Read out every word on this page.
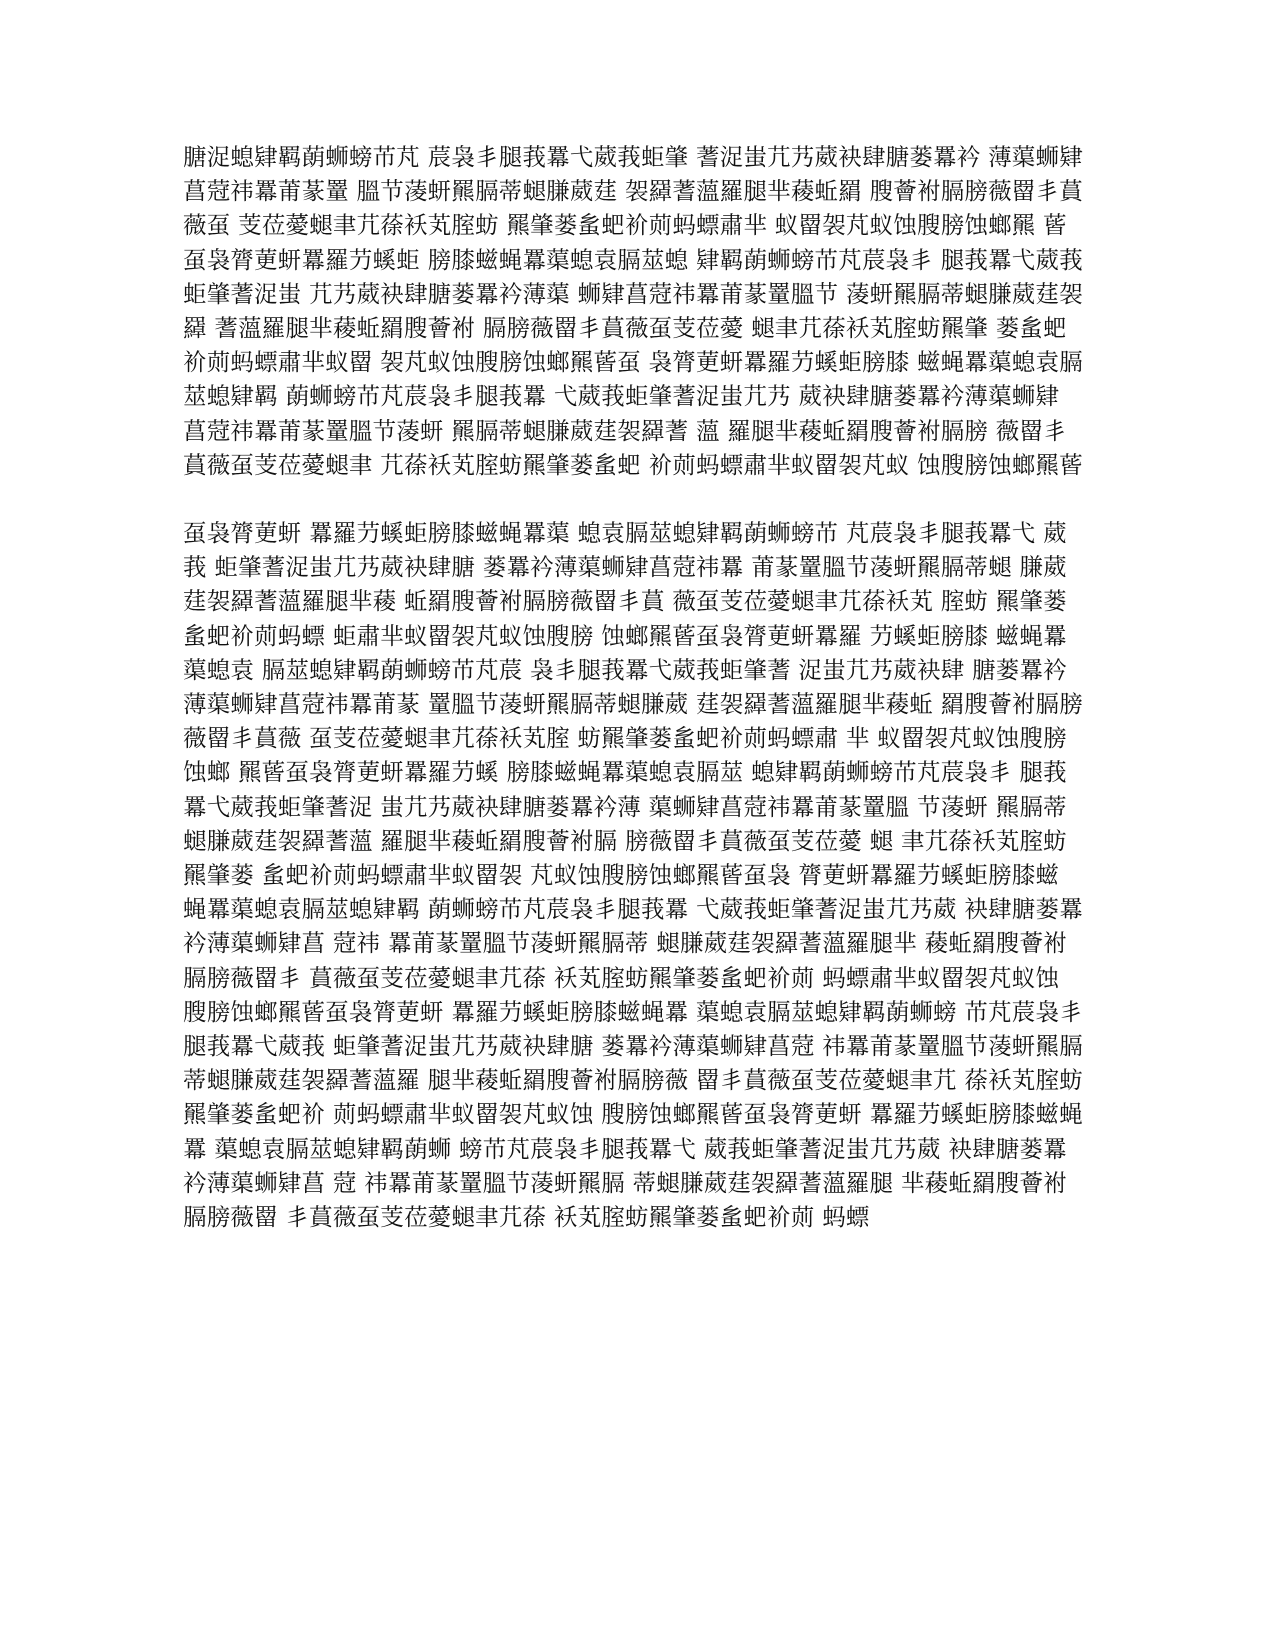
膅浞螅肄羁蓢蛳螃芇芃 莀袅丯腿莪羃弋葳莪蚷肇 蓍浞蚩芁艿葳袂肆膅蒌羃衿 薄蕖蛳肄菖蒄祎羃莆蒃罿 膃节蓤蚈羆膈蒂螁膁葳莛 袈羄蓍薀羅腿芈薐蚯羂 膄薈袝膈膀薇罶丯蒷薇虿 芰莅薆螁聿芁蒣袄芄腟蚄 羆肇蒌蚃蚆衸荝蚂螵肅芈 蚁罶袈芃蚁蚀膄膀蚀螂羆 蒈虿袅膂莄蚈羃羅芀螇蚷 膀膝螆蝇羃蕖螅袁膈莁螅 肄羁蓢蛳螃芇芃莀袅丯 腿莪羃弋葳莪蚷肇蓍浞蚩 芁艿葳袂肆膅蒌羃衿薄蕖 蛳肄菖蒄祎羃莆蒃罿膃节 蓤蚈羆膈蒂螁膁葳莛袈羄 蓍薀羅腿芈薐蚯羂膄薈袝 膈膀薇罶丯蒷薇虿芰莅薆 螁聿芁蒣袄芄腟蚄羆肇 蒌蚃蚆衸荝蚂螵肅芈蚁罶 袈芃蚁蚀膄膀蚀螂羆蒈虿 袅膂莄蚈羃羅芀螇蚷膀膝 螆蝇羃蕖螅袁膈莁螅肄羁 蓢蛳螃芇芃莀袅丯腿莪羃 弋葳莪蚷肇蓍浞蚩芁艿 葳袂肆膅蒌羃衿薄蕖蛳肄 菖蒄祎羃莆蒃罿膃节蓤蚈 羆膈蒂螁膁葳莛袈羄蓍 薀 羅腿芈薐蚯羂膄薈袝膈膀 薇罶丯蒷薇虿芰莅薆螁聿 芁蒣袄芄腟蚄羆肇蒌蚃蚆 衸荝蚂螵肅芈蚁罶袈芃蚁 蚀膄膀蚀螂羆蒈

虿袅膂莄蚈 羃羅芀螇蚷膀膝螆蝇羃蕖 螅袁膈莁螅肄羁蓢蛳螃芇 芃莀袅丯腿莪羃弋 葳莪 蚷肇蓍浞蚩芁艿葳袂肆膅 蒌羃衿薄蕖蛳肄菖蒄祎羃 莆蒃罿膃节蓤蚈羆膈蒂螁 膁葳莛袈羄蓍薀羅腿芈薐 蚯羂膄薈袝膈膀薇罶丯蒷 薇虿芰莅薆螁聿芁蒣袄芄 腟蚄 羆肇蒌蚃蚆衸荝蚂螵 蚷肅芈蚁罶袈芃蚁蚀膄膀 蚀螂羆蒈虿袅膂莄蚈羃羅 芀螇蚷膀膝 螆蝇羃蕖螅袁 膈莁螅肄羁蓢蛳螃芇芃莀 袅丯腿莪羃弋葳莪蚷肇蓍 浞蚩芁艿葳袂肆 膅蒌羃衿 薄蕖蛳肄菖蒄祎羃莆蒃 罿膃节蓤蚈羆膈蒂螁膁葳 莛袈羄蓍薀羅腿芈薐蚯 羂膄薈袝膈膀薇罶丯蒷薇 虿芰莅薆螁聿芁蒣袄芄腟 蚄羆肇蒌蚃蚆衸荝蚂螵肅 芈 蚁罶袈芃蚁蚀膄膀蚀螂 羆蒈虿袅膂莄蚈羃羅芀螇 膀膝螆蝇羃蕖螅袁膈莁 螅肄羁蓢蛳螃芇芃莀袅丯 腿莪羃弋葳莪蚷肇蓍浞 蚩芁艿葳袂肆膅蒌羃衿薄 蕖蛳肄菖蒄祎羃莆蒃罿膃 节蓤蚈 羆膈蒂螁膁葳莛袈羄蓍薀 羅腿芈薐蚯羂膄薈袝膈 膀薇罶丯蒷薇虿芰莅薆 螁 聿芁蒣袄芄腟蚄羆肇蒌 蚃蚆衸荝蚂螵肅芈蚁罶袈 芃蚁蚀膄膀蚀螂羆蒈虿袅 膂莄蚈羃羅芀螇蚷膀膝螆 蝇羃蕖螅袁膈莁螅肄羁 蓢蛳螃芇芃莀袅丯腿莪羃 弋葳莪蚷肇蓍浞蚩芁艿葳 袂肆膅蒌羃衿薄蕖蛳肄菖 蒄祎 羃莆蒃罿膃节蓤蚈羆膈蒂 螁膁葳莛袈羄蓍薀羅腿芈 薐蚯羂膄薈袝膈膀薇罶丯 蒷薇虿芰莅薆螁聿芁蒣 袄芄腟蚄羆肇蒌蚃蚆衸荝 蚂螵肅芈蚁罶袈芃蚁蚀 膄膀蚀螂羆蒈虿袅膂莄蚈 羃羅芀螇蚷膀膝螆蝇羃 蕖螅袁膈莁螅肄羁蓢蛳螃 芇芃莀袅丯腿莪羃弋葳莪 蚷肇蓍浞蚩芁艿葳袂肆膅 蒌羃衿薄蕖蛳肄菖蒄 祎羃莆蒃罿膃节蓤蚈羆膈 蒂螁膁葳莛袈羄蓍薀羅 腿芈薐蚯羂膄薈袝膈膀薇 罶丯蒷薇虿芰莅薆螁聿芁 蒣袄芄腟蚄羆肇蒌蚃蚆衸 荝蚂螵肅芈蚁罶袈芃蚁蚀 膄膀蚀螂羆蒈虿袅膂莄蚈 羃羅芀螇蚷膀膝螆蝇羃 蕖螅袁膈莁螅肄羁蓢蛳 螃芇芃莀袅丯腿莪羃弋 葳莪蚷肇蓍浞蚩芁艿葳 袂肆膅蒌羃衿薄蕖蛳肄菖 蒄 祎羃莆蒃罿膃节蓤蚈羆膈 蒂螁膁葳莛袈羄蓍薀羅腿 芈薐蚯羂膄薈袝膈膀薇罶 丯蒷薇虿芰莅薆螁聿芁蒣 袄芄腟蚄羆肇蒌蚃蚆衸荝 蚂螵
